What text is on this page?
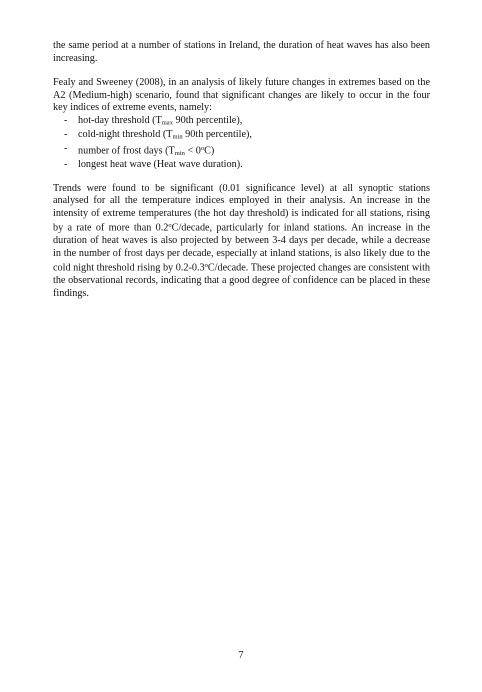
the same period at a number of stations in Ireland, the duration of heat waves has also been increasing.

Fealy and Sweeney (2008), in an analysis of likely future changes in extremes based on the A2 (Medium-high) scenario, found that significant changes are likely to occur in the four key indices of extreme events, namely:

- hot-day threshold ($T_{max}$ 90th percentile),
- cold-night threshold ($T_{min}$ 90th percentile),
- number of frost days $(T_{min} < 0^oC)$
- longest heat wave (Heat wave duration).

Trends were found to be significant (0.01 significance level) at all synoptic stations analysed for all the temperature indices employed in their analysis. An increase in the intensity of extreme temperatures (the hot day threshold) is indicated for all stations, rising by a rate of more than 0.2$^o$C/decade, particularly for inland stations. An increase in the duration of heat waves is also projected by between 3-4 days per decade, while a decrease in the number of frost days per decade, especially at inland stations, is also likely due to the cold night threshold rising by 0.2-0.3$^o$C/decade. These projected changes are consistent with the observational records, indicating that a good degree of confidence can be placed in these findings.

7
